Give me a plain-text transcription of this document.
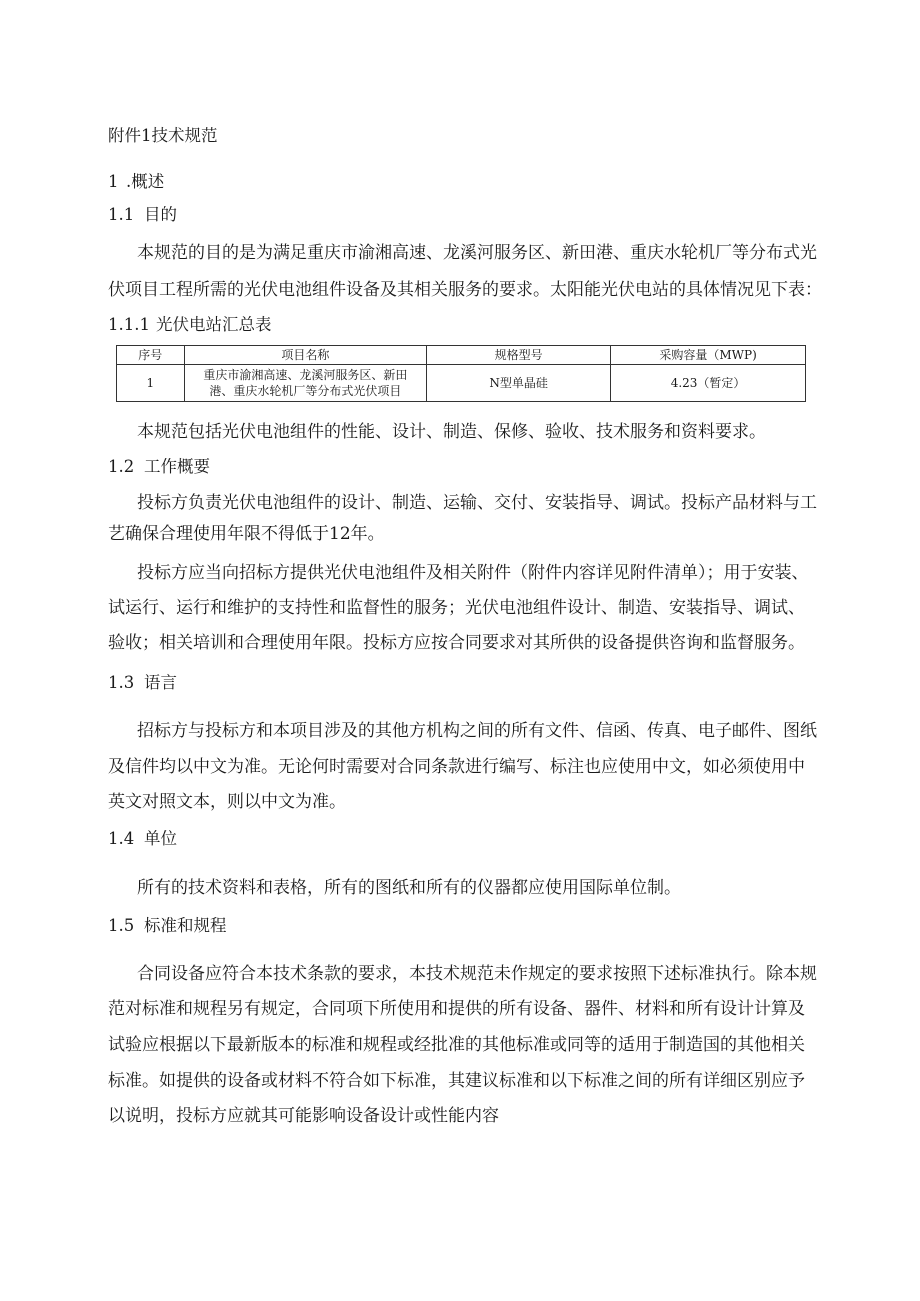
附件1技术规范
1 .概述
1.1 目的
本规范的目的是为满足重庆市渝湘高速、龙溪河服务区、新田港、重庆水轮机厂等分布式光
伏项目工程所需的光伏电池组件设备及其相关服务的要求。太阳能光伏电站的具体情况见下表：
1.1.1 光伏电站汇总表
序号	项目名称	规格型号	采购容量（MWP)
1	重庆市渝湘高速、龙溪河服务区、新田
港、重庆水轮机厂等分布式光伏项目	N型单晶硅	4.23（暂定）
本规范包括光伏电池组件的性能、设计、制造、保修、验收、技术服务和资料要求。
1.2 工作概要
投标方负责光伏电池组件的设计、制造、运输、交付、安装指导、调试。投标产品材料与工
艺确保合理使用年限不得低于12年。
投标方应当向招标方提供光伏电池组件及相关附件（附件内容详见附件清单）；用于安装、
试运行、运行和维护的支持性和监督性的服务；光伏电池组件设计、制造、安装指导、调试、
验收；相关培训和合理使用年限。投标方应按合同要求对其所供的设备提供咨询和监督服务。
1.3 语言
招标方与投标方和本项目涉及的其他方机构之间的所有文件、信函、传真、电子邮件、图纸
及信件均以中文为准。无论何时需要对合同条款进行编写、标注也应使用中文，如必须使用中
英文对照文本，则以中文为准。
1.4 单位
所有的技术资料和表格，所有的图纸和所有的仪器都应使用国际单位制。
1.5 标准和规程
合同设备应符合本技术条款的要求，本技术规范未作规定的要求按照下述标准执行。除本规
范对标准和规程另有规定，合同项下所使用和提供的所有设备、器件、材料和所有设计计算及
试验应根据以下最新版本的标准和规程或经批准的其他标准或同等的适用于制造国的其他相关
标准。如提供的设备或材料不符合如下标准，其建议标准和以下标准之间的所有详细区别应予
以说明，投标方应就其可能影响设备设计或性能内容
